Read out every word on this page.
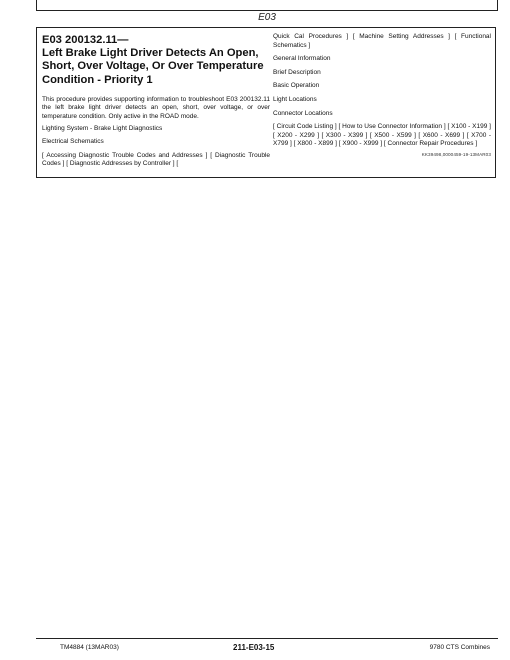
E03
E03 200132.11—
Left Brake Light Driver Detects An Open, Short, Over Voltage, Or Over Temperature Condition - Priority 1

This procedure provides supporting information to troubleshoot E03 200132.11 the left brake light driver detects an open, short, over voltage, or over temperature condition. Only active in the ROAD mode.

Lighting System - Brake Light Diagnostics

Electrical Schematics

[ Accessing Diagnostic Trouble Codes and Addresses ] [ Diagnostic Trouble Codes ] [ Diagnostic Addresses by Controller ] [

Quick Cal Procedures ] [ Machine Setting Addresses ] [ Functional Schematics ]

General Information

Brief Description

Basic Operation

Light Locations

Connector Locations

[ Circuit Code Listing ] [ How to Use Connector Information ] [ X100 - X199 ] [ X200 - X299 ] [ X300 - X399 ] [ X500 - X599 ] [ X600 - X699 ] [ X700 - X799 ] [ X800 - X899 ] [ X900 - X999 ] [ Connector Repair Procedures ]

KK39498,0000459-19-13MAR03
TM4884 (13MAR03)	211-E03-15	9780 CTS Combines
